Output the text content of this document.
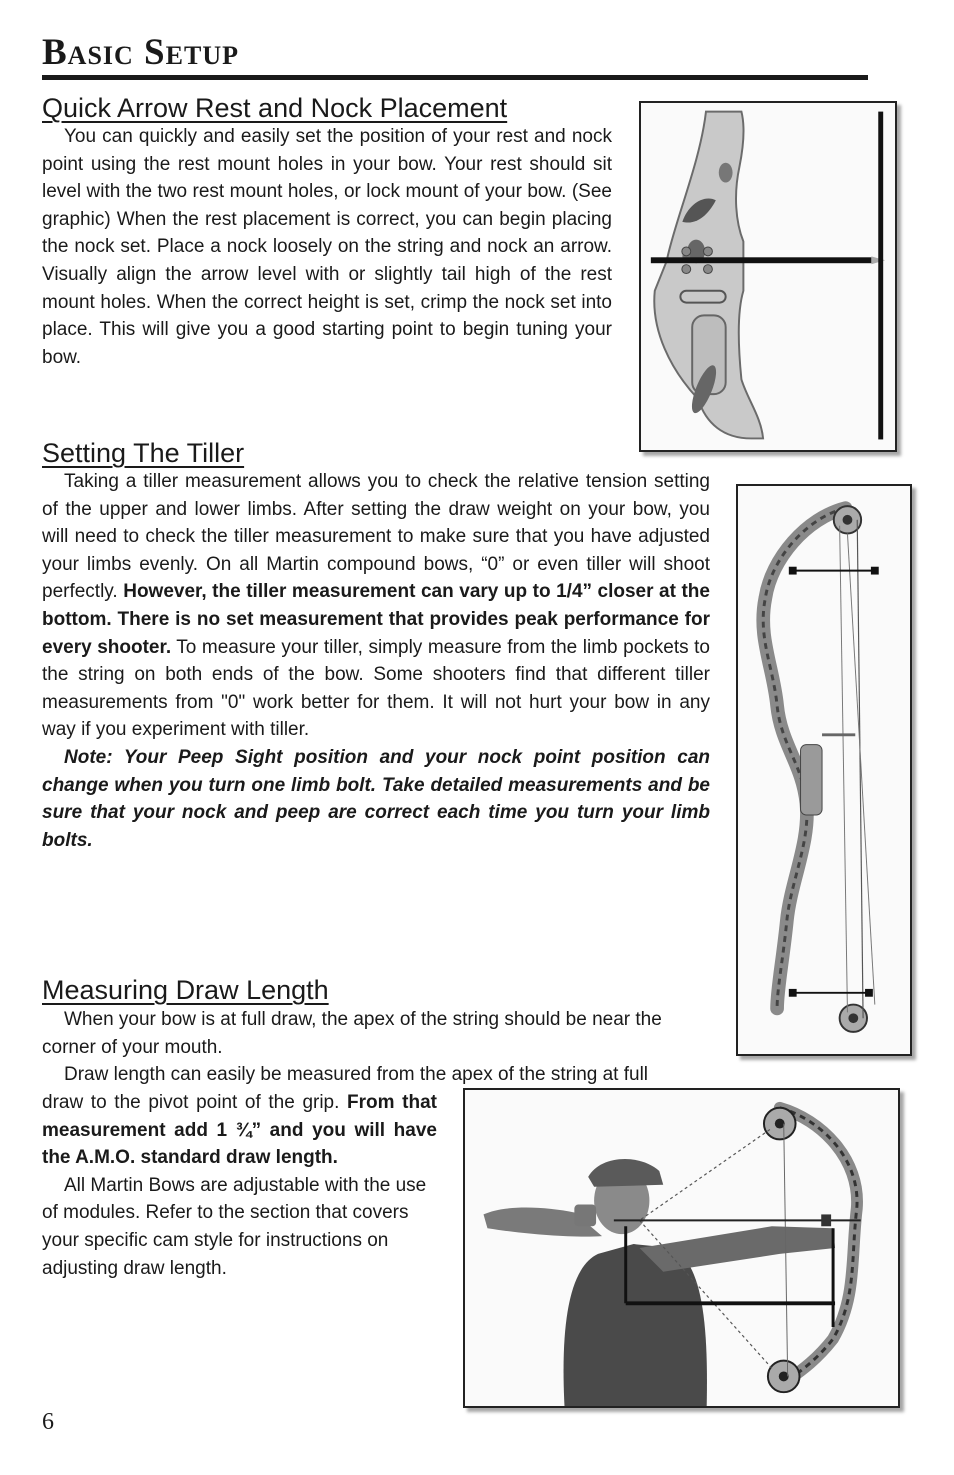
Basic Setup
Quick Arrow Rest and Nock Placement

You can quickly and easily set the position of your rest and nock point using the rest mount holes in your bow. Your rest should sit level with the two rest mount holes, or lock mount of your bow. (See graphic) When the rest placement is correct, you can begin placing the nock set. Place a nock loosely on the string and nock an arrow. Visually align the arrow level with or slightly tail high of the rest mount holes. When the correct height is set, crimp the nock set into place. This will give you a good starting point to begin tuning your bow.

Setting The Tiller

Taking a tiller measurement allows you to check the relative tension setting of the upper and lower limbs. After setting the draw weight on your bow, you will need to check the tiller measurement to make sure that you have adjusted your limbs evenly. On all Martin compound bows, “0” or even tiller will shoot perfectly. However, the tiller measurement can vary up to 1/4” closer at the bottom. There is no set measurement that provides peak performance for every shooter. To measure your tiller, simply measure from the limb pockets to the string on both ends of the bow. Some shooters find that different tiller measurements from "0" work better for them. It will not hurt your bow in any way if you experiment with tiller.

Note: Your Peep Sight position and your nock point position can change when you turn one limb bolt. Take detailed measurements and be sure that your nock and peep are correct each time you turn your limb bolts.

Measuring Draw Length

When your bow is at full draw, the apex of the string should be near the corner of your mouth.

Draw length can easily be measured from the apex of the string at full

draw to the pivot point of the grip. From that measurement add 1 ¾” and you will have the A.M.O. standard draw length.

All Martin Bows are adjustable with the use of modules. Refer to the section that covers your specific cam style for instructions on adjusting draw length.

6
